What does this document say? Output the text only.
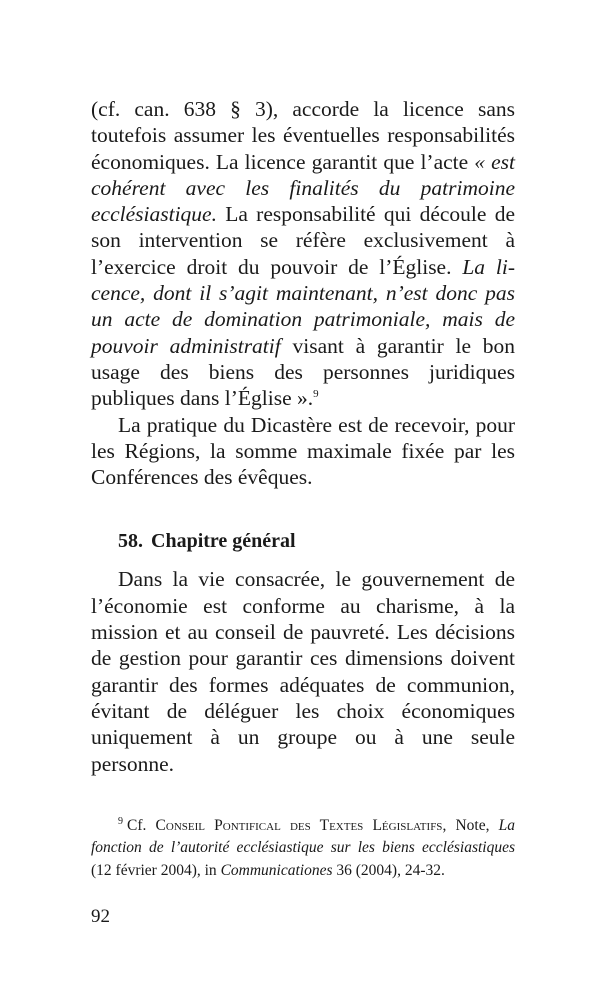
(cf. can. 638 § 3), accorde la licence sans toutefois assumer les éventuelles responsabilités économiques. La licence garantit que l’acte « est cohérent avec les finalités du patrimoine ecclésiastique. La responsabilité qui découle de son intervention se réfère exclusivement à l’exercice droit du pouvoir de l’Église. La licence, dont il s’agit maintenant, n’est donc pas un acte de domination patrimoniale, mais de pouvoir administratif visant à garantir le bon usage des biens des personnes juridiques publiques dans l’Église ».$^9$

La pratique du Dicastère est de recevoir, pour les Régions, la somme maximale fixée par les Conférences des évêques.

58. Chapitre général

Dans la vie consacrée, le gouvernement de l’économie est conforme au charisme, à la mission et au conseil de pauvreté. Les décisions de gestion pour garantir ces dimensions doivent garantir des formes adéquates de communion, évitant de déléguer les choix économiques uniquement à un groupe ou à une seule personne.

$^9$ Cf. Conseil Pontifical des Textes Législatifs, Note, La fonction de l’autorité ecclésiastique sur les biens ecclésiastiques (12 février 2004), in Communicationes 36 (2004), 24-32.

92
